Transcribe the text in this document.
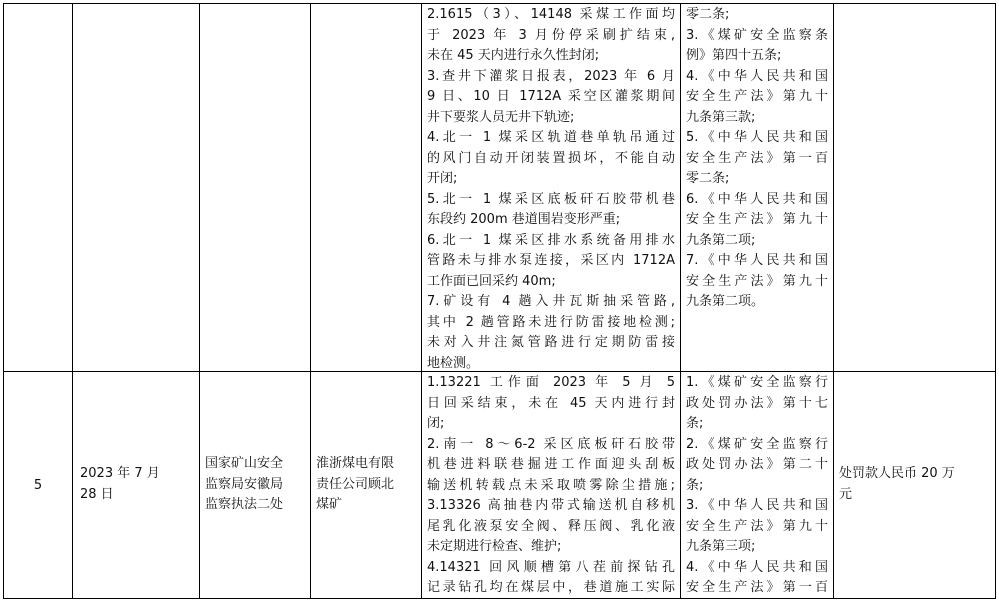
2.1615（3）、14148 采煤工作面均
于 2023 年 3 月份停采刷扩结束,
未在 45 天内进行永久性封闭;
3.查井下灌浆日报表，2023 年 6 月
9 日、10 日 1712A 采空区灌浆期间
井下要浆人员无井下轨迹;
4.北一 1 煤采区轨道巷单轨吊通过
的风门自动开闭装置损坏，不能自动
开闭;
5.北一 1 煤采区底板矸石胶带机巷
东段约 200m 巷道围岩变形严重;
6.北一 1 煤采区排水系统备用排水
管路未与排水泵连接，采区内 1712A
工作面已回采约 40m;
7.矿设有 4 趟入井瓦斯抽采管路,
其中 2 趟管路未进行防雷接地检测;
未对入井注氮管路进行定期防雷接
地检测。
零二条;
3.《煤矿安全监察条
例》第四十五条;
4.《中华人民共和国
安全生产法》第九十
九条第三款;
5.《中华人民共和国
安全生产法》第一百
零二条;
6.《中华人民共和国
安全生产法》第九十
九条第二项;
7.《中华人民共和国
安全生产法》第九十
九条第二项。
5
2023 年 7 月
28 日
国家矿山安全
监察局安徽局
监察执法二处
淮浙煤电有限
责任公司顾北
煤矿
1.13221 工作面 2023 年 5 月 5
日回采结束，未在 45 天内进行封
闭;
2.南一 8～6-2 采区底板矸石胶带
机巷进料联巷掘进工作面迎头刮板
输送机转载点未采取喷雾除尘措施;
3.13326 高抽巷内带式输送机自移机
尾乳化液泵安全阀、释压阀、乳化液
未定期进行检查、维护;
4.14321 回风顺槽第八茬前探钻孔
记录钻孔均在煤层中，巷道施工实际
1.《煤矿安全监察行
政处罚办法》第十七
条;
2.《煤矿安全监察行
政处罚办法》第二十
条;
3.《中华人民共和国
安全生产法》第九十
九条第三项;
4.《中华人民共和国
安全生产法》第一百
处罚款人民币 20 万
元
